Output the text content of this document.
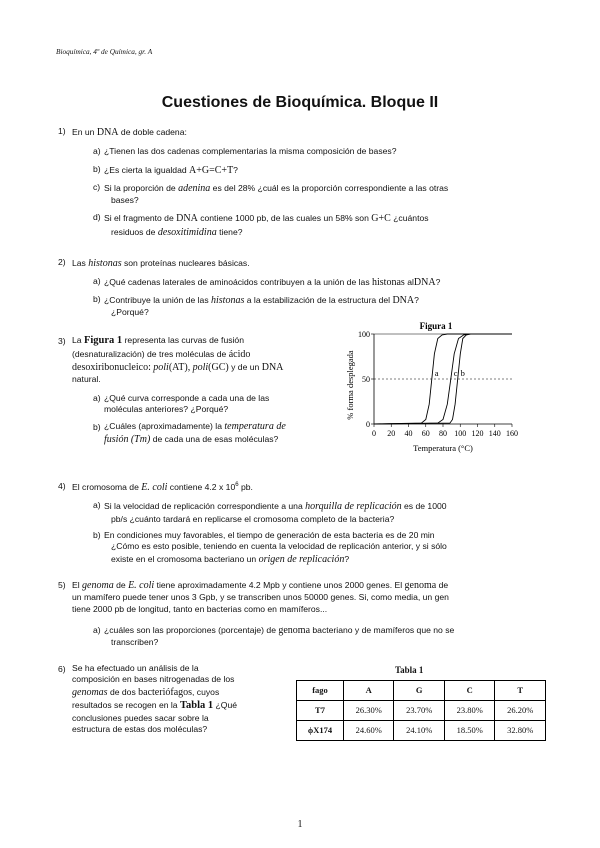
Bioquímica, 4º de Química, gr. A
Cuestiones de Bioquímica. Bloque II
1) En un DNA de doble cadena:
a) ¿Tienen las dos cadenas complementarias la misma composición de bases?
b) ¿Es cierta la igualdad A+G=C+T?
c) Si la proporción de adenina es del 28% ¿cuál es la proporción correspondiente a las otras
bases?
d) Si el fragmento de DNA contiene 1000 pb, de las cuales un 58% son G+C ¿cuántos
residuos de desoxitimidina tiene?
2) Las histonas son proteínas nucleares básicas.
a) ¿Qué cadenas laterales de aminoácidos contribuyen a la unión de las histonas alDNA?
b) ¿Contribuye la unión de las histonas a la estabilización de la estructura del DNA?
¿Porqué?
3) La Figura 1 representa las curvas de fusión
(desnaturalización) de tres moléculas de ácido
desoxiribonucleico: poli(AT), poli(GC) y de un DNA
natural.
a) ¿Qué curva corresponde a cada una de las
moléculas anteriores? ¿Porqué?
b) ¿Cuáles (aproximadamente) la temperatura de
fusión (Tm) de cada una de esas moléculas?
Figura 1
0 20 40 60 80 100 120 140 160
0
50
100
a c b
Temperatura (°C)
% forma desplegada
4) El cromosoma de E. coli contiene 4.2 x $10^6$ pb.
a) Si la velocidad de replicación correspondiente a una horquilla de replicación es de 1000
pb/s ¿cuánto tardará en replicarse el cromosoma completo de la bacteria?
b) En condiciones muy favorables, el tiempo de generación de esta bacteria es de 20 min
¿Cómo es esto posible, teniendo en cuenta la velocidad de replicación anterior, y si sólo
existe en el cromosoma bacteriano un origen de replicación?
5) El genoma de E. coli tiene aproximadamente 4.2 Mpb y contiene unos 2000 genes. El genoma de
un mamífero puede tener unos 3 Gpb, y se transcriben unos 50000 genes. Si, como media, un gen
tiene 2000 pb de longitud, tanto en bacterias como en mamíferos...
a) ¿cuáles son las proporciones (porcentaje) de genoma bacteriano y de mamíferos que no se
transcriben?
6) Se ha efectuado un análisis de la
composición en bases nitrogenadas de los
genomas de dos bacteriófagos, cuyos
resultados se recogen en la Tabla 1 ¿Qué
conclusiones puedes sacar sobre la
estructura de estas dos moléculas?
Tabla 1
fago	A	G	C	T
T7	26.30%	23.70%	23.80%	26.20%
ϕX174	24.60%	24.10%	18.50%	32.80%
1
